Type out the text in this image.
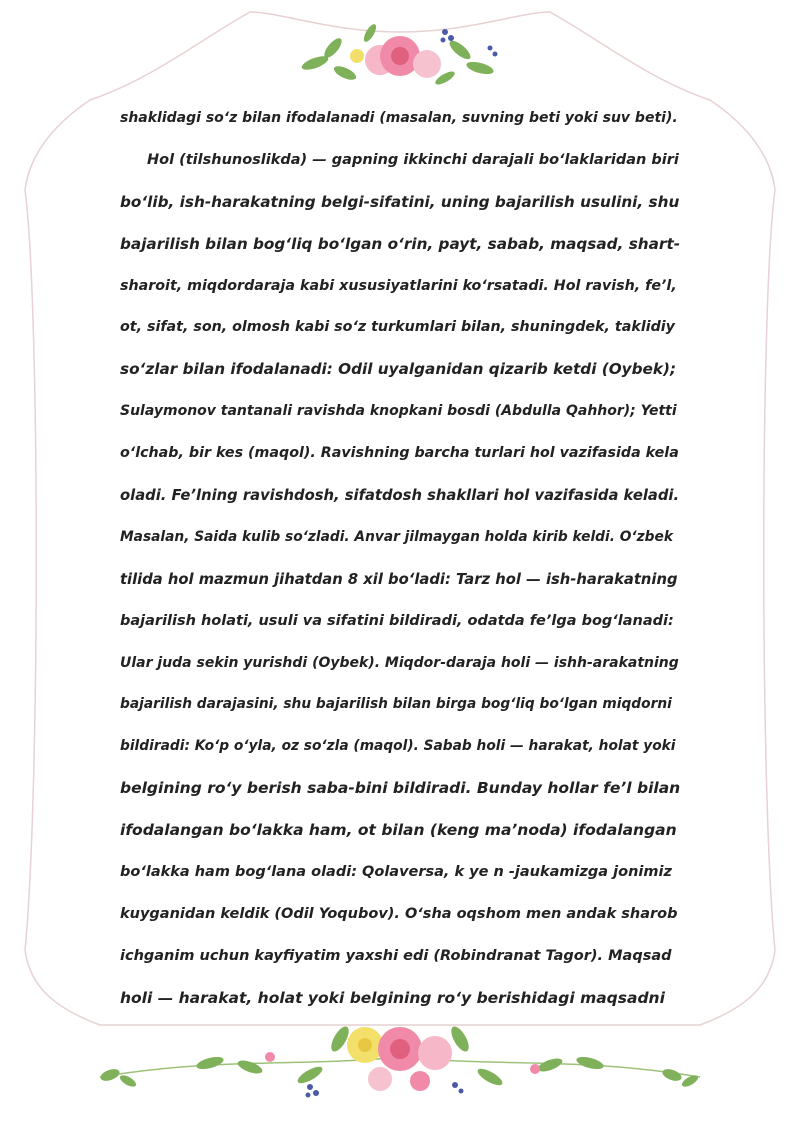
shaklidagi soʻz bilan ifodalanadi (masalan, suvning beti yoki suv beti).
Hol (tilshunoslikda) — gapning ikkinchi darajali boʻlaklaridan biri
boʻlib, ish-harakatning belgi-sifatini, uning bajarilish usulini, shu
bajarilish bilan bogʻliq boʻlgan oʻrin, payt, sabab, maqsad, shart-
sharoit, miqdordaraja kabi xususiyatlarini koʻrsatadi. Hol ravish, feʼl,
ot, sifat, son, olmosh kabi soʻz turkumlari bilan, shuningdek, taklidiy
soʻzlar bilan ifodalanadi: Odil uyalganidan qizarib ketdi (Oybek);
Sulaymonov tantanali ravishda knopkani bosdi (Abdulla Qahhor); Yetti
oʻlchab, bir kes (maqol). Ravishning barcha turlari hol vazifasida kela
oladi. Feʼlning ravishdosh, sifatdosh shakllari hol vazifasida keladi.
Masalan, Saida kulib soʻzladi. Anvar jilmaygan holda kirib keldi. Oʻzbek
tilida hol mazmun jihatdan 8 xil boʻladi: Tarz hol — ish-harakatning
bajarilish holati, usuli va sifatini bildiradi, odatda feʼlga bogʻlanadi:
Ular juda sekin yurishdi (Oybek). Miqdor-daraja holi — ishh-arakatning
bajarilish darajasini, shu bajarilish bilan birga bogʻliq boʻlgan miqdorni
bildiradi: Koʻp oʻyla, oz soʻzla (maqol). Sabab holi — harakat, holat yoki
belgining roʻy berish saba-bini bildiradi. Bunday hollar feʼl bilan
ifodalangan boʻlakka ham, ot bilan (keng maʼnoda) ifodalangan
boʻlakka ham bogʻlana oladi: Qolaversa, k ye n -jaukamizga jonimiz
kuyganidan keldik (Odil Yoqubov). Oʻsha oqshom men andak sharob
ichganim uchun kayfiyatim yaxshi edi (Robindranat Tagor). Maqsad
holi — harakat, holat yoki belgining roʻy berishidagi maqsadni
